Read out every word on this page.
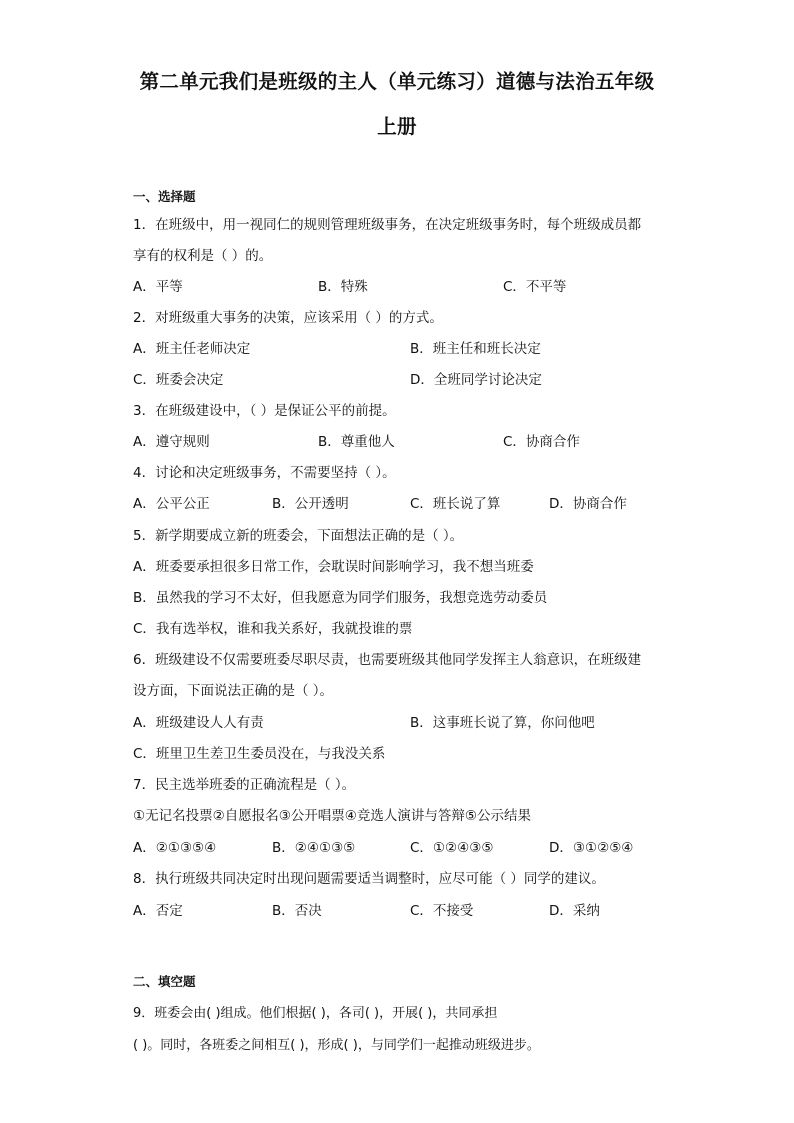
第二单元我们是班级的主人（单元练习）道德与法治五年级
上册
一、选择题
1．在班级中，用一视同仁的规则管理班级事务，在决定班级事务时，每个班级成员都
享有的权利是（ ）的。
A．平等	B．特殊	C．不平等
2．对班级重大事务的决策，应该采用（ ）的方式。
A．班主任老师决定	B．班主任和班长决定
C．班委会决定	D．全班同学讨论决定
3．在班级建设中，（ ）是保证公平的前提。
A．遵守规则	B．尊重他人	C．协商合作
4．讨论和决定班级事务，不需要坚持（ ）。
A．公平公正	B．公开透明	C．班长说了算	D．协商合作
5．新学期要成立新的班委会，下面想法正确的是（ ）。
A．班委要承担很多日常工作，会耽误时间影响学习，我不想当班委
B．虽然我的学习不太好，但我愿意为同学们服务，我想竞选劳动委员
C．我有选举权，谁和我关系好，我就投谁的票
6．班级建设不仅需要班委尽职尽责，也需要班级其他同学发挥主人翁意识，在班级建
设方面，下面说法正确的是（ ）。
A．班级建设人人有责	B．这事班长说了算，你问他吧
C．班里卫生差卫生委员没在，与我没关系
7．民主选举班委的正确流程是（ ）。
①无记名投票②自愿报名③公开唱票④竞选人演讲与答辩⑤公示结果
A．②①③⑤④	B．②④①③⑤	C．①②④③⑤	D．③①②⑤④
8．执行班级共同决定时出现问题需要适当调整时，应尽可能（ ）同学的建议。
A．否定	B．否决	C．不接受	D．采纳
二、填空题
9．班委会由( )组成。他们根据( )，各司( )，开展( )，共同承担
( )。同时，各班委之间相互( )，形成( )，与同学们一起推动班级进步。
